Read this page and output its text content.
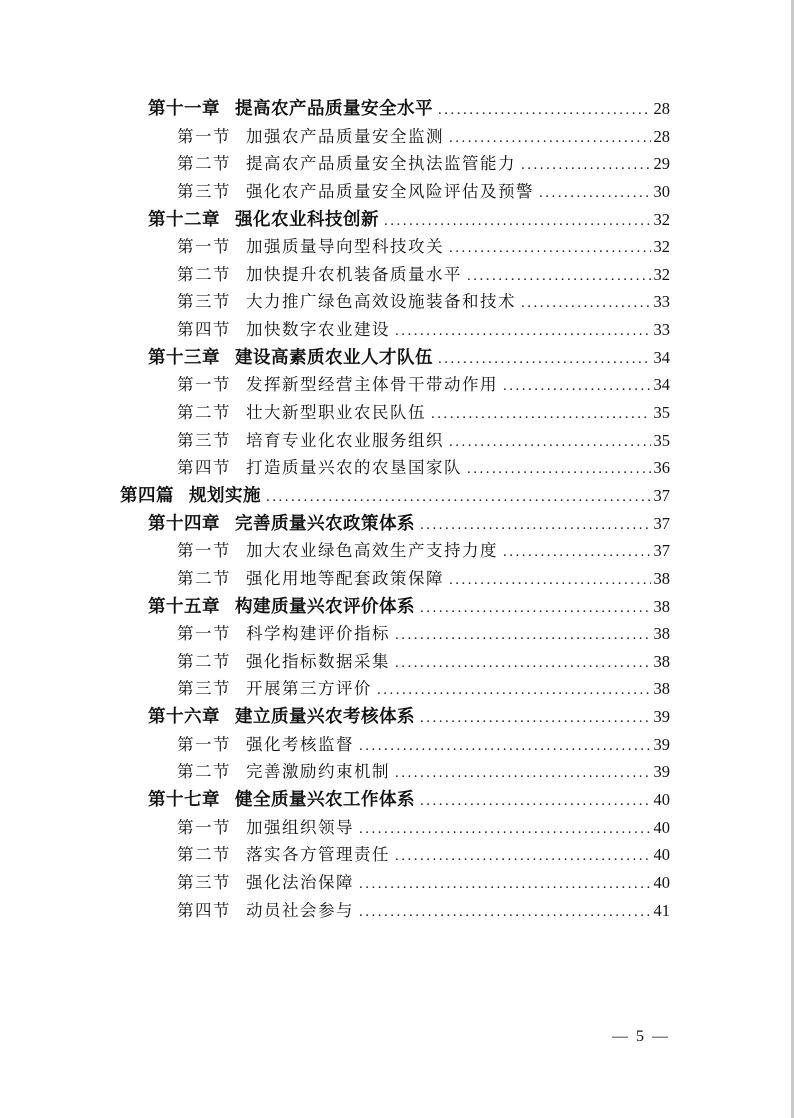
第十一章 提高农产品质量安全水平 .....	28
第一节 加强农产品质量安全监测 .....	28
第二节 提高农产品质量安全执法监管能力 .....	29
第三节 强化农产品质量安全风险评估及预警 .....	30
第十二章 强化农业科技创新 .....	32
第一节 加强质量导向型科技攻关 .....	32
第二节 加快提升农机装备质量水平 .....	32
第三节 大力推广绿色高效设施装备和技术 .....	33
第四节 加快数字农业建设 .....	33
第十三章 建设高素质农业人才队伍 .....	34
第一节 发挥新型经营主体骨干带动作用 .....	34
第二节 壮大新型职业农民队伍 .....	35
第三节 培育专业化农业服务组织 .....	35
第四节 打造质量兴农的农垦国家队 .....	36
第四篇 规划实施 .....	37
第十四章 完善质量兴农政策体系 .....	37
第一节 加大农业绿色高效生产支持力度 .....	37
第二节 强化用地等配套政策保障 .....	38
第十五章 构建质量兴农评价体系 .....	38
第一节 科学构建评价指标 .....	38
第二节 强化指标数据采集 .....	38
第三节 开展第三方评价 .....	38
第十六章 建立质量兴农考核体系 .....	39
第一节 强化考核监督 .....	39
第二节 完善激励约束机制 .....	39
第十七章 健全质量兴农工作体系 .....	40
第一节 加强组织领导 .....	40
第二节 落实各方管理责任 .....	40
第三节 强化法治保障 .....	40
第四节 动员社会参与 .....	41
— 5 —
